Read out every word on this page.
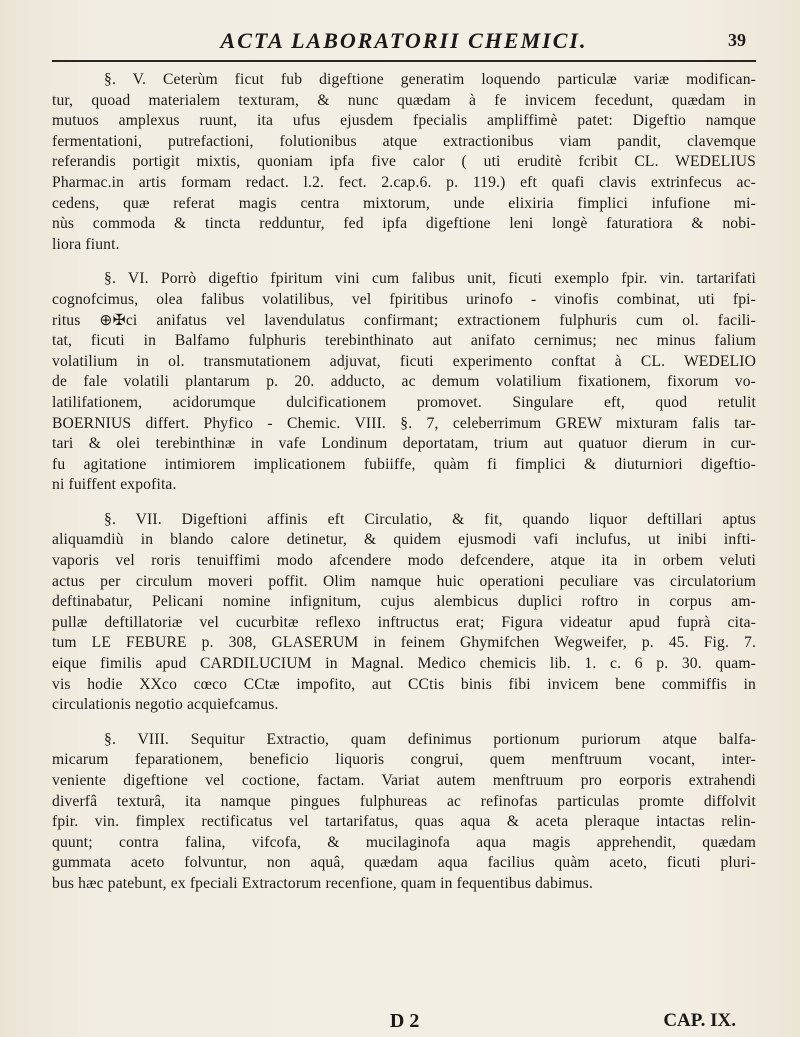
ACTA LABORATORII CHEMICI.	39
§. V. Ceterùm ficut fub digeftione generatim loquendo particulæ variæ modifican-
tur, quoad materialem texturam, & nunc quædam à fe invicem fecedunt, quædam in
mutuos amplexus ruunt, ita ufus ejusdem fpecialis ampliffimè patet: Digeftio namque
fermentationi, putrefactioni, folutionibus atque extractionibus viam pandit, clavemque
referandis portigit mixtis, quoniam ipfa five calor ( uti eruditè fcribit CL. WEDELIUS
Pharmac.in artis formam redact. l.2. fect. 2.cap.6. p. 119.) eft quafi clavis extrinfecus ac-
cedens, quæ referat magis centra mixtorum, unde elixiria fimplici infufione mi-
nùs commoda & tincta redduntur, fed ipfa digeftione leni longè faturatiora & nobi-
liora fiunt.
§. VI. Porrò digeftio fpiritum vini cum falibus unit, ficuti exemplo fpir. vin. tartarifati
cognofcimus, olea falibus volatilibus, vel fpiritibus urinofo - vinofis combinat, uti fpi-
ritus ⊕✠ci anifatus vel lavendulatus confirmant; extractionem fulphuris cum ol. facili-
tat, ficuti in Balfamo fulphuris terebinthinato aut anifato cernimus; nec minus falium
volatilium in ol. transmutationem adjuvat, ficuti experimento conftat à CL. WEDELIO
de fale volatili plantarum p. 20. adducto, ac demum volatilium fixationem, fixorum vo-
latilifationem, acidorumque dulcificationem promovet. Singulare eft, quod retulit
BOERNIUS differt. Phyfico - Chemic. VIII. §. 7, celeberrimum GREW mixturam falis tar-
tari & olei terebinthinæ in vafe Londinum deportatam, trium aut quatuor dierum in cur-
fu agitatione intimiorem implicationem fubiiffe, quàm fi fimplici & diuturniori digeftio-
ni fuiffent expofita.
§. VII. Digeftioni affinis eft Circulatio, & fit, quando liquor deftillari aptus
aliquamdiù in blando calore detinetur, & quidem ejusmodi vafi inclufus, ut inibi infti-
vaporis vel roris tenuiffimi modo afcendere modo defcendere, atque ita in orbem veluti
actus per circulum moveri poffit. Olim namque huic operationi peculiare vas circulatorium
deftinabatur, Pelicani nomine infignitum, cujus alembicus duplici roftro in corpus am-
pullæ deftillatoriæ vel cucurbitæ reflexo inftructus erat; Figura videatur apud fuprà cita-
tum LE FEBURE p. 308, GLASERUM in feinem Ghymifchen Wegweifer, p. 45. Fig. 7.
eique fimilis apud CARDILUCIUM in Magnal. Medico chemicis lib. 1. c. 6 p. 30. quam-
vis hodie XXco cœco CCtæ impofito, aut CCtis binis fibi invicem bene commiffis in
circulationis negotio acquiefcamus.
§. VIII. Sequitur Extractio, quam definimus portionum puriorum atque balfa-
micarum feparationem, beneficio liquoris congrui, quem menftruum vocant, inter-
veniente digeftione vel coctione, factam. Variat autem menftruum pro eorporis extrahendi
diverfâ texturâ, ita namque pingues fulphureas ac refinofas particulas promte diffolvit
fpir. vin. fimplex rectificatus vel tartarifatus, quas aqua & aceta pleraque intactas relin-
quunt; contra falina, vifcofa, & mucilaginofa aqua magis apprehendit, quædam
gummata aceto folvuntur, non aquâ, quædam aqua facilius quàm aceto, ficuti pluri-
bus hæc patebunt, ex fpeciali Extractorum recenfione, quam in fequentibus dabimus.
D 2	CAP. IX.
